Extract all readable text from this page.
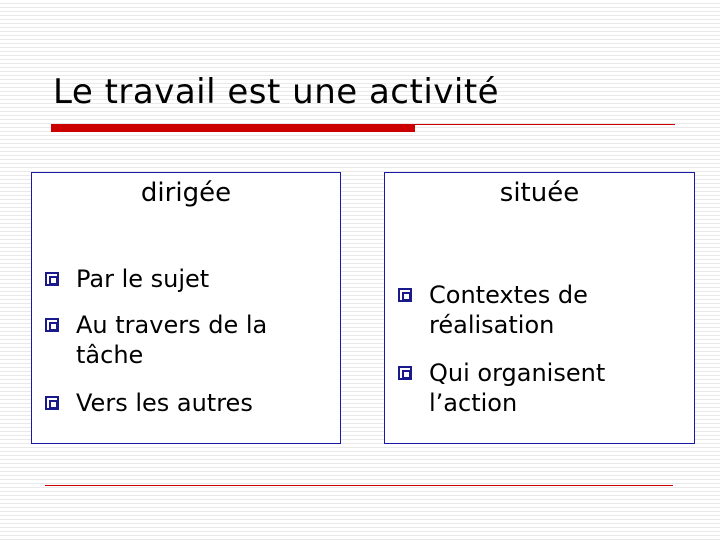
Le travail est une activité
dirigée
Par le sujet
Au travers de la tâche
Vers les autres
située
Contextes de réalisation
Qui organisent l’action
